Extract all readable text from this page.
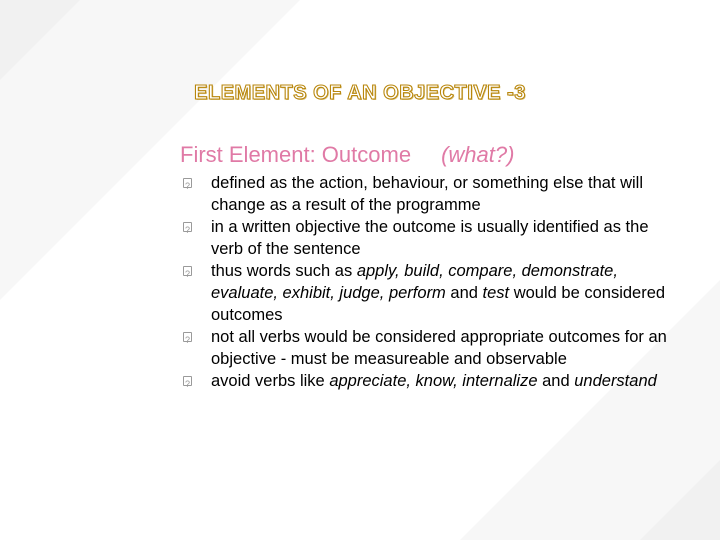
ELEMENTS OF AN OBJECTIVE -3
First Element: Outcome (what?)
?
defined as the action, behaviour, or something else that will change as a result of the programme
?
in a written objective the outcome is usually identified as the verb of the sentence
?
thus words such as apply, build, compare, demonstrate, evaluate, exhibit, judge, perform and test would be considered outcomes
?
not all verbs would be considered appropriate outcomes for an objective - must be measureable and observable
?
avoid verbs like appreciate, know, internalize and understand
